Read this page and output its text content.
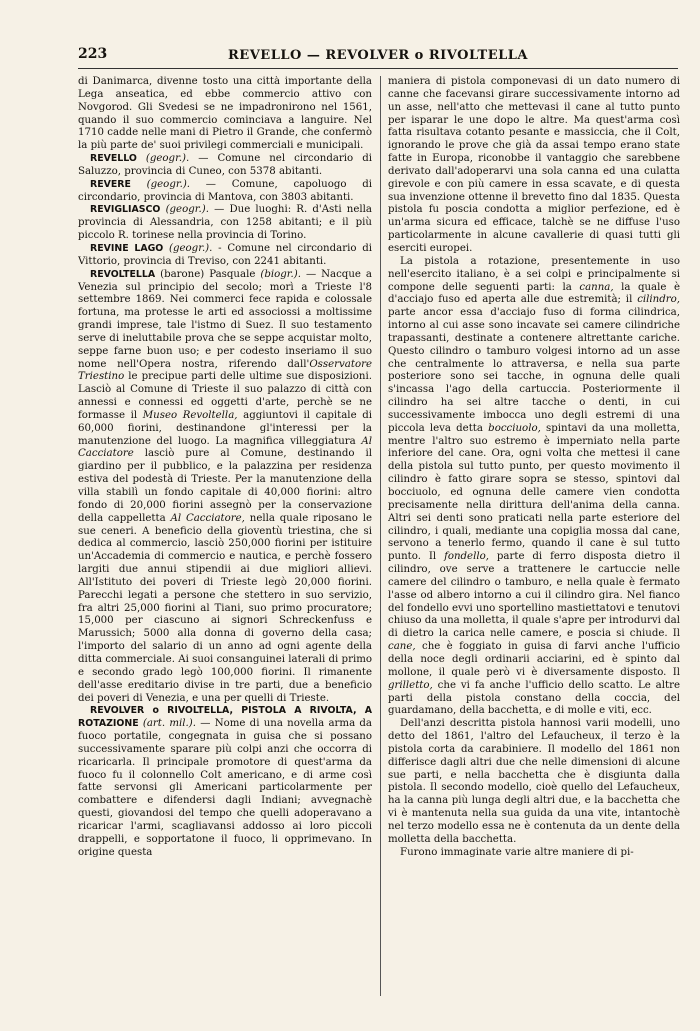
223	REVELLO — REVOLVER o RIVOLTELLA

di Danimarca, divenne tosto una città importante della Lega anseatica, ed ebbe commercio attivo con Novgorod. Gli Svedesi se ne impadronirono nel 1561, quando il suo commercio cominciava a languire. Nel 1710 cadde nelle mani di Pietro il Grande, che confermò la più parte de' suoi privilegi commerciali e municipali.

REVELLO (geogr.). — Comune nel circondario di Saluzzo, provincia di Cuneo, con 5378 abitanti.

REVERE (geogr.). — Comune, capoluogo di circondario, provincia di Mantova, con 3803 abitanti.

REVIGLIASCO (geogr.). — Due luoghi: R. d'Asti nella provincia di Alessandria, con 1258 abitanti; e il più piccolo R. torinese nella provincia di Torino.

REVINE LAGO (geogr.). - Comune nel circondario di Vittorio, provincia di Treviso, con 2241 abitanti.

REVOLTELLA (barone) Pasquale (biogr.). — Nacque a Venezia sul principio del secolo; morì a Trieste l'8 settembre 1869. Nei commerci fece rapida e colossale fortuna, ma protesse le arti ed associossi a moltissime grandi imprese, tale l'istmo di Suez. Il suo testamento serve di ineluttabile prova che se seppe acquistar molto, seppe farne buon uso; e per codesto inseriamo il suo nome nell'Opera nostra, riferendo dall'Osservatore Triestino le precipue parti delle ultime sue disposizioni. Lasciò al Comune di Trieste il suo palazzo di città con annessi e connessi ed oggetti d'arte, perchè se ne formasse il Museo Revoltella, aggiuntovi il capitale di 60,000 fiorini, destinandone gl'interessi per la manutenzione del luogo. La magnifica villeggiatura Al Cacciatore lasciò pure al Comune, destinando il giardino per il pubblico, e la palazzina per residenza estiva del podestà di Trieste. Per la manutenzione della villa stabilì un fondo capitale di 40,000 fiorini: altro fondo di 20,000 fiorini assegnò per la conservazione della cappelletta Al Cacciatore, nella quale riposano le sue ceneri. A beneficio della gioventù triestina, che si dedica al commercio, lasciò 250,000 fiorini per istituire un'Accademia di commercio e nautica, e perchè fossero largiti due annui stipendii ai due migliori allievi. All'Istituto dei poveri di Trieste legò 20,000 fiorini. Parecchi legati a persone che stettero in suo servizio, fra altri 25,000 fiorini al Tiani, suo primo procuratore; 15,000 per ciascuno ai signori Schreckenfuss e Marussich; 5000 alla donna di governo della casa; l'importo del salario di un anno ad ogni agente della ditta commerciale. Ai suoi consanguinei laterali di primo e secondo grado legò 100,000 fiorini. Il rimanente dell'asse ereditario divise in tre parti, due a beneficio dei poveri di Venezia, e una per quelli di Trieste.

REVOLVER o RIVOLTELLA, PISTOLA A RIVOLTA, A ROTAZIONE (art. mil.). — Nome di una novella arma da fuoco portatile, congegnata in guisa che si possano successivamente sparare più colpi anzi che occorra di ricaricarla. Il principale promotore di quest'arma da fuoco fu il colonnello Colt americano, e di arme così fatte servonsi gli Americani particolarmente per combattere e difendersi dagli Indiani; avvegnachè questi, giovandosi del tempo che quelli adoperavano a ricaricar l'armi, scagliavansi addosso ai loro piccoli drappelli, e sopportatone il fuoco, li opprimevano. In origine questa

maniera di pistola componevasi di un dato numero di canne che facevansi girare successivamente intorno ad un asse, nell'atto che mettevasi il cane al tutto punto per isparar le une dopo le altre. Ma quest'arma così fatta risultava cotanto pesante e massiccia, che il Colt, ignorando le prove che già da assai tempo erano state fatte in Europa, riconobbe il vantaggio che sarebbene derivato dall'adoperarvi una sola canna ed una culatta girevole e con più camere in essa scavate, e di questa sua invenzione ottenne il brevetto fino dal 1835. Questa pistola fu poscia condotta a miglior perfezione, ed è un'arma sicura ed efficace, talchè se ne diffuse l'uso particolarmente in alcune cavallerie di quasi tutti gli eserciti europei.

La pistola a rotazione, presentemente in uso nell'esercito italiano, è a sei colpi e principalmente si compone delle seguenti parti: la canna, la quale è d'acciajo fuso ed aperta alle due estremità; il cilindro, parte ancor essa d'acciajo fuso di forma cilindrica, intorno al cui asse sono incavate sei camere cilindriche trapassanti, destinate a contenere altrettante cariche. Questo cilindro o tamburo volgesi intorno ad un asse che centralmente lo attraversa, e nella sua parte posteriore sono sei tacche, in ognuna delle quali s'incassa l'ago della cartuccia. Posteriormente il cilindro ha sei altre tacche o denti, in cui successivamente imbocca uno degli estremi di una piccola leva detta bocciuolo, spintavi da una molletta, mentre l'altro suo estremo è imperniato nella parte inferiore del cane. Ora, ogni volta che mettesi il cane della pistola sul tutto punto, per questo movimento il cilindro è fatto girare sopra se stesso, spintovi dal bocciuolo, ed ognuna delle camere vien condotta precisamente nella dirittura dell'anima della canna. Altri sei denti sono praticati nella parte esteriore del cilindro, i quali, mediante una copiglia mossa dal cane, servono a tenerlo fermo, quando il cane è sul tutto punto. Il fondello, parte di ferro disposta dietro il cilindro, ove serve a trattenere le cartuccie nelle camere del cilindro o tamburo, e nella quale è fermato l'asse od albero intorno a cui il cilindro gira. Nel fianco del fondello evvi uno sportellino mastiettatovi e tenutovi chiuso da una molletta, il quale s'apre per introdurvi dal di dietro la carica nelle camere, e poscia si chiude. Il cane, che è foggiato in guisa di farvi anche l'ufficio della noce degli ordinarii acciarini, ed è spinto dal mollone, il quale però vi è diversamente disposto. Il grilletto, che vi fa anche l'ufficio dello scatto. Le altre parti della pistola constano della coccia, del guardamano, della bacchetta, e di molle e viti, ecc.

Dell'anzi descritta pistola hannosi varii modelli, uno detto del 1861, l'altro del Lefaucheux, il terzo è la pistola corta da carabiniere. Il modello del 1861 non differisce dagli altri due che nelle dimensioni di alcune sue parti, e nella bacchetta che è disgiunta dalla pistola. Il secondo modello, cioè quello del Lefaucheux, ha la canna più lunga degli altri due, e la bacchetta che vi è mantenuta nella sua guida da una vite, intantochè nel terzo modello essa ne è contenuta da un dente della molletta della bacchetta.

Furono immaginate varie altre maniere di pi-
